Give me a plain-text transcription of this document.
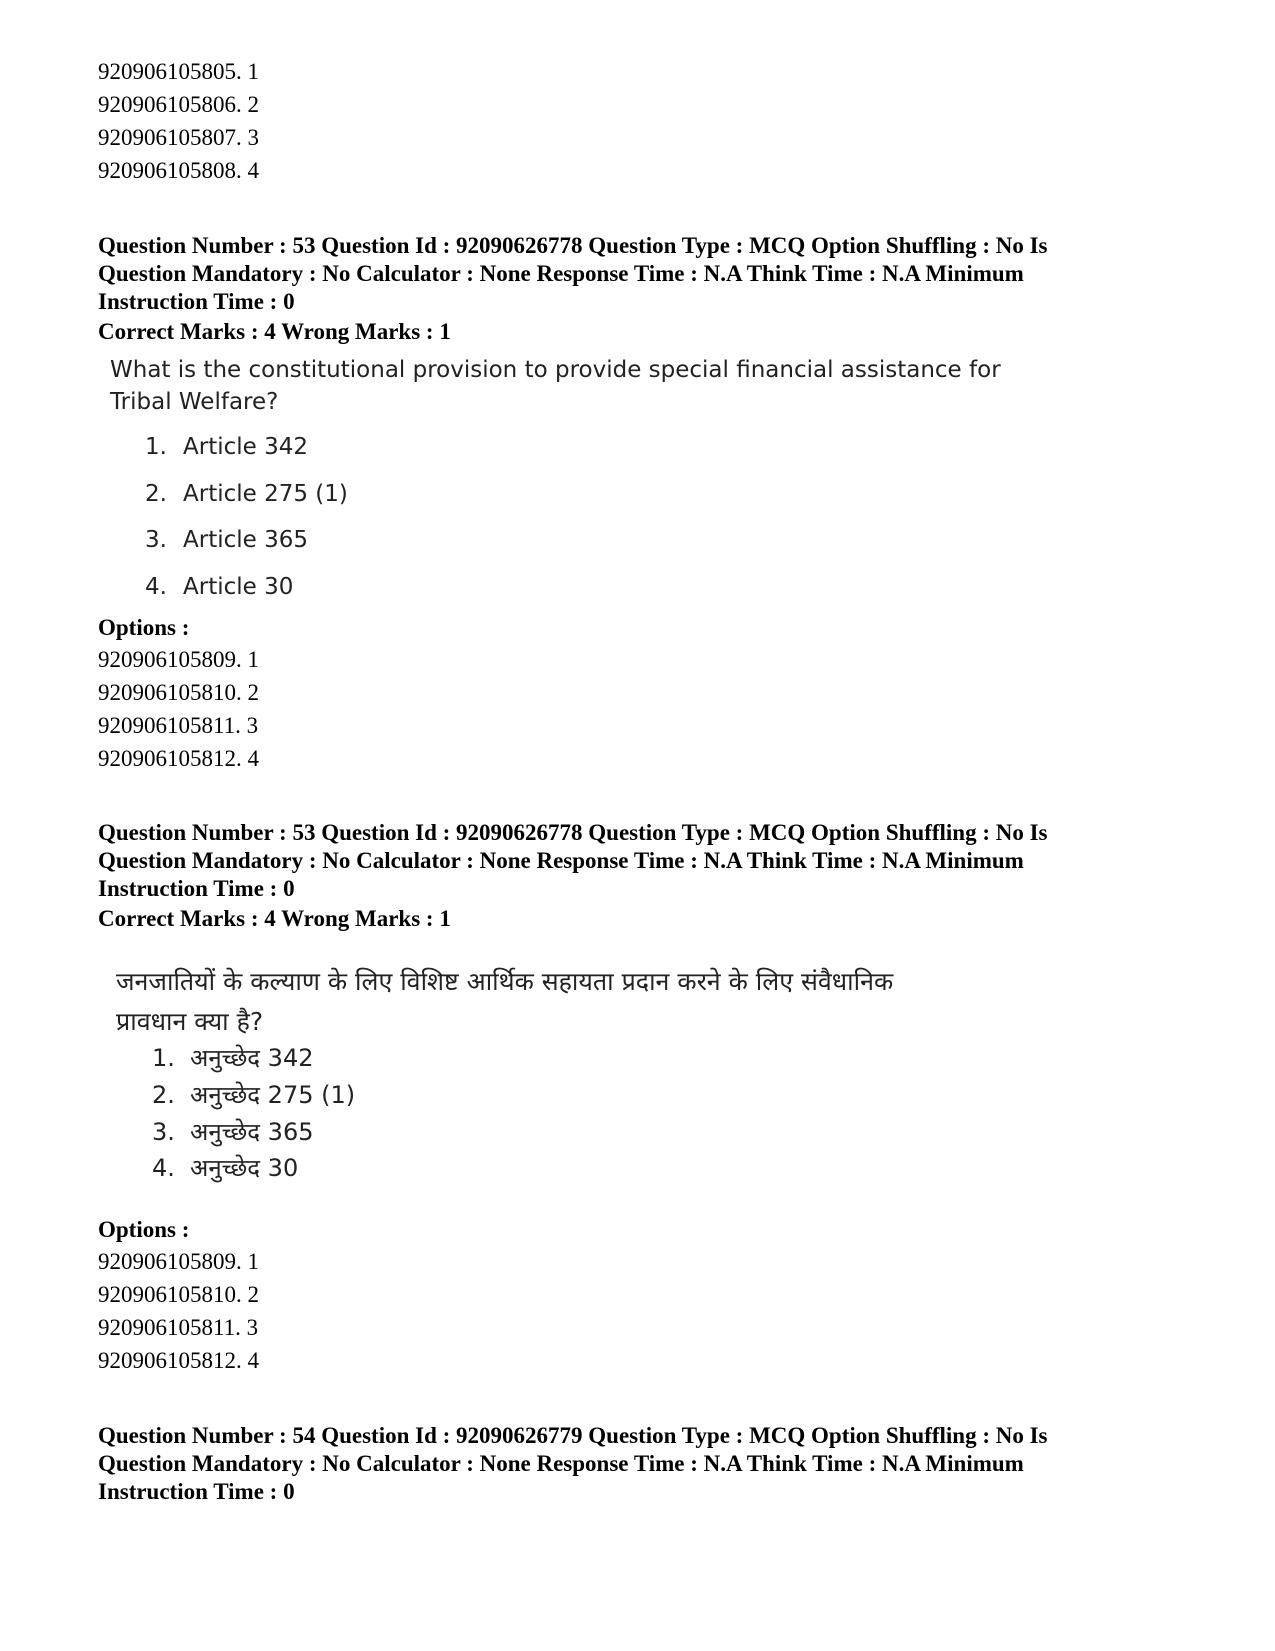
920906105805. 1
920906105806. 2
920906105807. 3
920906105808. 4
Question Number : 53 Question Id : 92090626778 Question Type : MCQ Option Shuffling : No Is
Question Mandatory : No Calculator : None Response Time : N.A Think Time : N.A Minimum
Instruction Time : 0
Correct Marks : 4 Wrong Marks : 1
What is the constitutional provision to provide special financial assistance for
Tribal Welfare?
1. Article 342
2. Article 275 (1)
3. Article 365
4. Article 30
Options :
920906105809. 1
920906105810. 2
920906105811. 3
920906105812. 4
Question Number : 53 Question Id : 92090626778 Question Type : MCQ Option Shuffling : No Is
Question Mandatory : No Calculator : None Response Time : N.A Think Time : N.A Minimum
Instruction Time : 0
Correct Marks : 4 Wrong Marks : 1
जनजातियों के कल्याण के लिए विशिष्ट आर्थिक सहायता प्रदान करने के लिए संवैधानिक
प्रावधान क्या है?
1. अनुच्छेद 342
2. अनुच्छेद 275 (1)
3. अनुच्छेद 365
4. अनुच्छेद 30
Options :
920906105809. 1
920906105810. 2
920906105811. 3
920906105812. 4
Question Number : 54 Question Id : 92090626779 Question Type : MCQ Option Shuffling : No Is
Question Mandatory : No Calculator : None Response Time : N.A Think Time : N.A Minimum
Instruction Time : 0
